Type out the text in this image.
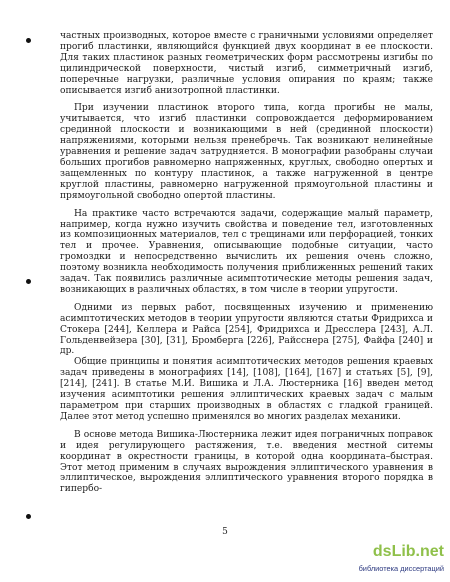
частных производных, которое вместе с граничными условиями определяет прогиб пластинки, являющийся функцией двух координат в ее плоскости. Для таких пластинок разных геометрических форм рассмотрены изгибы по цилиндрической поверхности, чистый изгиб, симметричный изгиб, поперечные нагрузки, различные условия опирания по краям; также описывается изгиб анизотропной пластинки.

При изучении пластинок второго типа, когда прогибы не малы, учитывается, что изгиб пластинки сопровождается деформированием срединной плоскости и возникающими в ней (срединной плоскости) напряжениями, которыми нельзя пренебречь. Так возникают нелинейные уравнения и решение задач затрудняется. В монографии разобраны случаи больших прогибов равномерно напряженных, круглых, свободно опертых и защемленных по контуру пластинок, а также нагруженной в центре круглой пластины, равномерно нагруженной прямоугольной пластины и прямоугольной свободно опертой пластины.

На практике часто встречаются задачи, содержащие малый параметр, например, когда нужно изучить свойства и поведение тел, изготовленных из композиционных материалов, тел с трещинами или перфорацией, тонких тел и прочее. Уравнения, описывающие подобные ситуации, часто громоздки и непосредственно вычислить их решения очень сложно, поэтому возникла необходимость получения приближенных решений таких задач. Так появились различные асимптотические методы решения задач, возникающих в различных областях, в том числе в теории упругости.

Одними из первых работ, посвященных изучению и применению асимптотических методов в теории упругости являются статьи Фридрихса и Стокера [244], Келлера и Райса [254], Фридрихса и Дресслера [243], А.Л. Гольденвейзера [30], [31], Бромберга [226], Райсснера [275], Файфа [240] и др.

Общие принципы и понятия асимптотических методов решения краевых задач приведены в монографиях [14], [108], [164], [167] и статьях [5], [9], [214], [241]. В статье М.И. Вишика и Л.А. Люстерника [16] введен метод изучения асимптотики решения эллиптических краевых задач с малым параметром при старших производных в областях с гладкой границей. Далее этот метод успешно применялся во многих разделах механики.

В основе метода Вишика-Люстерника лежит идея пограничных поправок и идея регулирующего растяжения, т.е. введения местной ситемы координат в окрестности границы, в которой одна координата–быстрая. Этот метод применим в случаях вырождения эллиптического уравнения в эллиптическое, вырождения эллиптического уравнения второго порядка в гипербо-

5
dsLib.net
библиотека диссертаций
